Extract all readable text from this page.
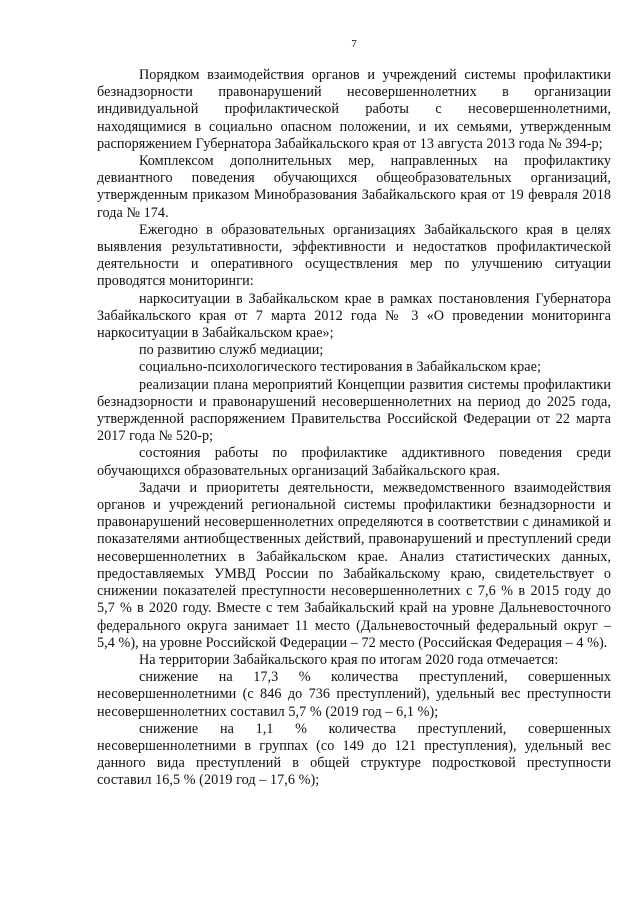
7

Порядком взаимодействия органов и учреждений системы профилактики безнадзорности правонарушений несовершеннолетних в организации индивидуальной профилактической работы с несовершеннолетними, находящимися в социально опасном положении, и их семьями, утвержденным распоряжением Губернатора Забайкальского края от 13 августа 2013 года № 394-р;

Комплексом дополнительных мер, направленных на профилактику девиантного поведения обучающихся общеобразовательных организаций, утвержденным приказом Минобразования Забайкальского края от 19 февраля 2018 года № 174.

Ежегодно в образовательных организациях Забайкальского края в целях выявления результативности, эффективности и недостатков профилактической деятельности и оперативного осуществления мер по улучшению ситуации проводятся мониторинги:

наркоситуации в Забайкальском крае в рамках постановления Губернатора Забайкальского края от 7 марта 2012 года № 3 «О проведении мониторинга наркоситуации в Забайкальском крае»;

по развитию служб медиации;

социально-психологического тестирования в Забайкальском крае;

реализации плана мероприятий Концепции развития системы профилактики безнадзорности и правонарушений несовершеннолетних на период до 2025 года, утвержденной распоряжением Правительства Российской Федерации от 22 марта 2017 года № 520-р;

состояния работы по профилактике аддиктивного поведения среди обучающихся образовательных организаций Забайкальского края.

Задачи и приоритеты деятельности, межведомственного взаимодействия органов и учреждений региональной системы профилактики безнадзорности и правонарушений несовершеннолетних определяются в соответствии с динамикой и показателями антиобщественных действий, правонарушений и преступлений среди несовершеннолетних в Забайкальском крае. Анализ статистических данных, предоставляемых УМВД России по Забайкальскому краю, свидетельствует о снижении показателей преступности несовершеннолетних с 7,6 % в 2015 году до 5,7 % в 2020 году. Вместе с тем Забайкальский край на уровне Дальневосточного федерального округа занимает 11 место (Дальневосточный федеральный округ – 5,4 %), на уровне Российской Федерации – 72 место (Российская Федерация – 4 %).

На территории Забайкальского края по итогам 2020 года отмечается:

снижение на 17,3 % количества преступлений, совершенных несовершеннолетними (с 846 до 736 преступлений), удельный вес преступности несовершеннолетних составил 5,7 % (2019 год – 6,1 %);

снижение на 1,1 % количества преступлений, совершенных несовершеннолетними в группах (со 149 до 121 преступления), удельный вес данного вида преступлений в общей структуре подростковой преступности составил 16,5 % (2019 год – 17,6 %);
